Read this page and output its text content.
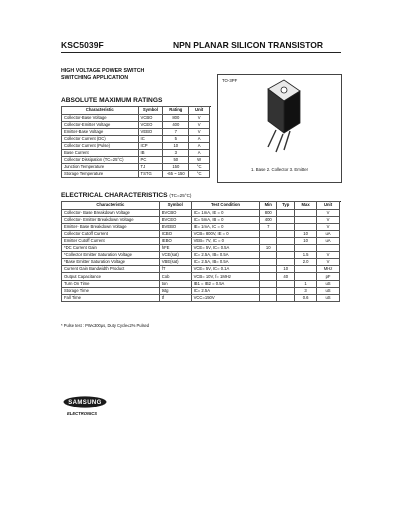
KSC5039F	NPN PLANAR SILICON TRANSISTOR
HIGH VOLTAGE POWER SWITCH
SWITCHING APPLICATION
ABSOLUTE MAXIMUM RATINGS
Characteristic	Symbol	Rating	Unit
Collector-Base Voltage	VCBO	800	V
Collector-Emitter Voltage	VCEO	400	V
Emitter-Base Voltage	VEBO	7	V
Collector Current (DC)	IC	5	A
Collector Current (Pulse)	ICP	10	A
Base Current	IB	3	A
Collector Dissipation (TC=25°C)	PC	50	W
Junction Temperature	TJ	150	°C
Storage Temperature	TSTG	-65 ~ 150	°C
TO-3PF
1. Base 2. Collector 3. Emitter
ELECTRICAL CHARACTERISTICS (TC=25°C)
Characteristic	Symbol	Test Condition	Min	Typ	Max	Unit
Collector- Base Breakdown Voltage	BVCBO	IC= 1mA, IE = 0	800			V
Collector- Emitter Breakdown Voltage	BVCEO	IC= 5mA, IB = 0	400			V
Emitter- Base Breakdown Voltage	BVEBO	IE= 1mA, IC = 0	7			V
Collector Cutoff Current	ICBO	VCB= 800V, IE = 0			10	uA
Emitter Cutoff Current	IEBO	VEB= 7V, IC = 0			10	uA
*DC Current Gain	hFE	VCE= 5V, IC= 0.5A	10			
*Collector Emitter Saturation Voltage	VCE(sat)	IC= 2.5A, IB= 0.5A			1.5	V
*Base Emitter Saturation Voltage	VBE(sat)	IC= 2.5A, IB= 0.5A			2.0	V
Current Gain Bandwidth Product	fT	VCE= 5V, IC= 0.1A		10		MHz
Output Capacitance	Cob	VCB= 10V, f= 1MHz		40		pF
Turn On Time	ton	IB1 = IB2 = 0.5A			1	uS
Storage Time	tstg	IC= 2.5A			3	uS
Fall Time	tf	VCC=150V			0.6	uS
* Pulse test : PW≤300μs, Duty Cycle≤2% Pulsed
SAMSUNG
ELECTRONICS
